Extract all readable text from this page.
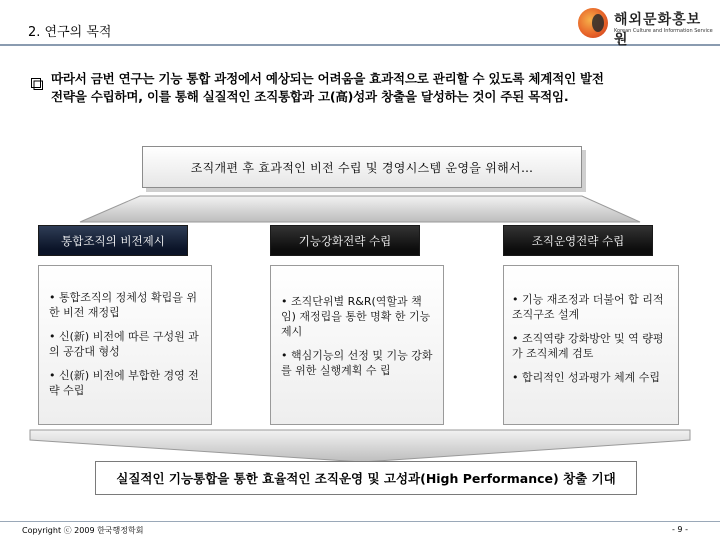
2. 연구의 목적
해외문화홍보원
Korean Culture and Information Service
따라서 금번 연구는 기능 통합 과정에서 예상되는 어려움을 효과적으로 관리할 수 있도록 체계적인 발전
전략을 수립하며, 이를 통해 실질적인 조직통합과 고(高)성과 창출을 달성하는 것이 주된 목적임.
조직개편 후 효과적인 비전 수립 및 경영시스템 운영을 위해서…
통합조직의 비전제시	기능강화전략 수립	조직운영전략 수립

• 통합조직의 정체성 확립을 위한 비전 재정립

• 신(新) 비전에 따른 구성원 과의 공감대 형성

• 신(新) 비전에 부합한 경영 전략 수립

• 조직단위별 R&R(역할과 책임) 재정립을 통한 명확 한 기능 제시

• 핵심기능의 선정 및 기능 강화를 위한 실행계획 수 립

• 기능 재조정과 더불어 합 리적 조직구조 설계

• 조직역량 강화방안 및 역 량평가 조직체계 검토

• 합리적인 성과평가 체계 수립

실질적인 기능통합을 통한 효율적인 조직운영 및 고성과(High Performance) 창출 기대
Copyright ⓒ 2009 한국행정학회	- 9 -
